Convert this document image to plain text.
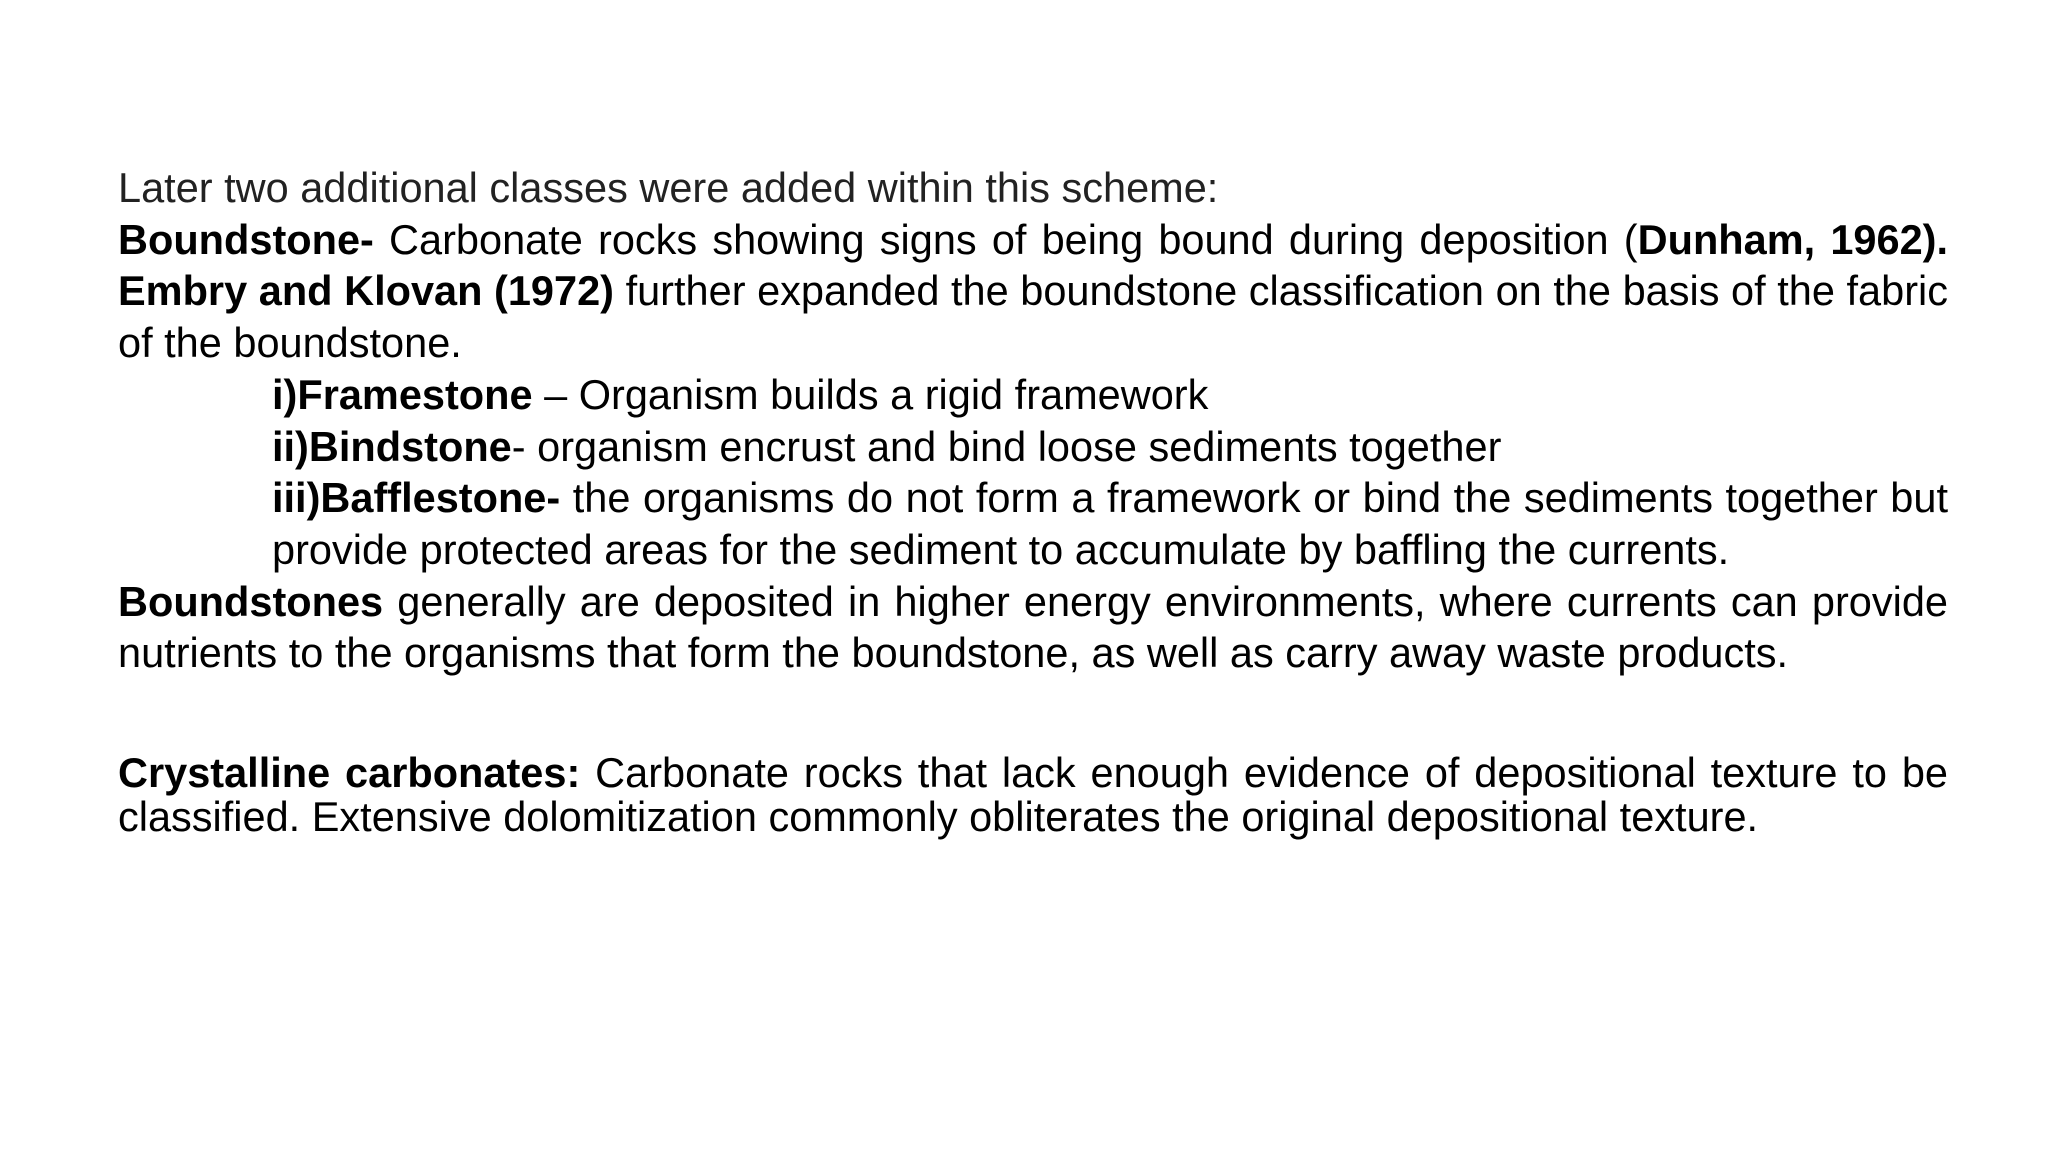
Later two additional classes were added within this scheme:

Boundstone- Carbonate rocks showing signs of being bound during deposition (Dunham, 1962). Embry and Klovan (1972) further expanded the boundstone classification on the basis of the fabric of the boundstone.

i)Framestone – Organism builds a rigid framework

ii)Bindstone- organism encrust and bind loose sediments together

iii)Bafflestone- the organisms do not form a framework or bind the sediments together but provide protected areas for the sediment to accumulate by baffling the currents.

Boundstones generally are deposited in higher energy environments, where currents can provide nutrients to the organisms that form the boundstone, as well as carry away waste products.

Crystalline carbonates: Carbonate rocks that lack enough evidence of depositional texture to be classified. Extensive dolomitization commonly obliterates the original depositional texture.
